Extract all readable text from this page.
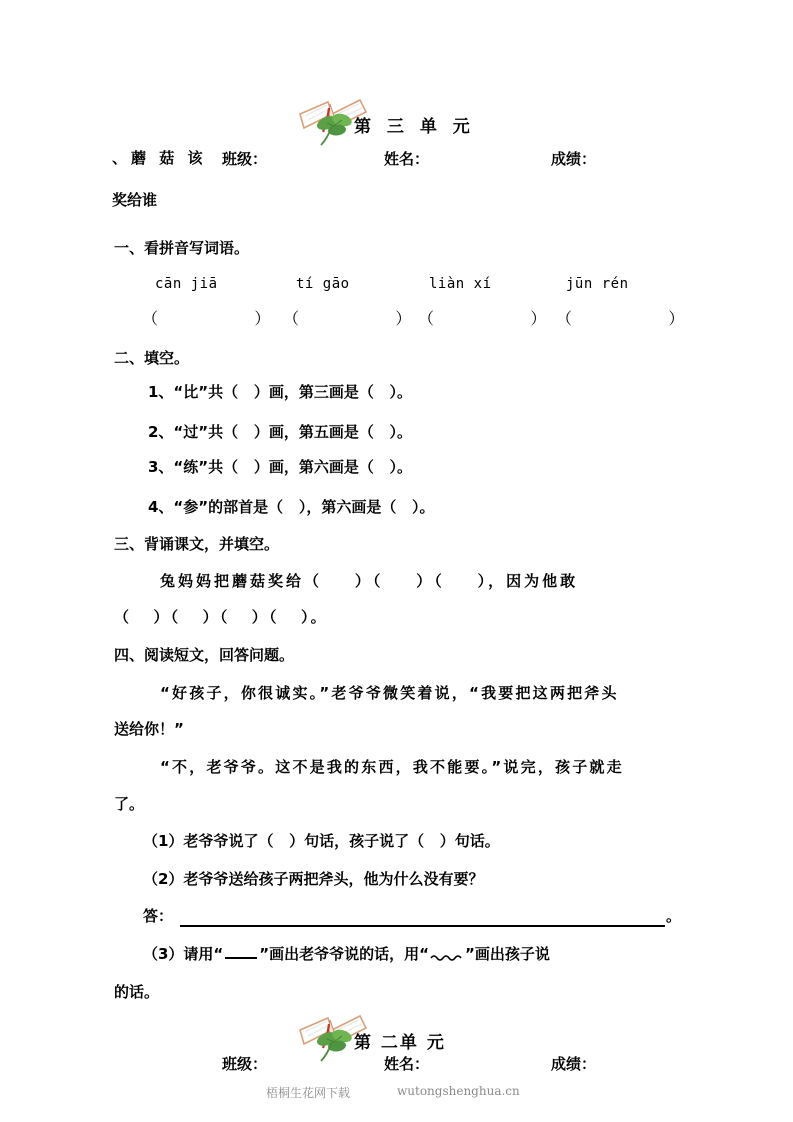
第 三 单 元
、蘑 菇 该
奖给谁
班级：	姓名：	成绩：
一、看拼音写词语。
cān jiā	tí gāo	liàn xí	jūn rén
（          ） （          ） （          ） （          ）
二、填空。
1、“比”共（   ）画，第三画是（   ）。
2、“过”共（   ）画，第五画是（   ）。
3、“练”共（   ）画，第六画是（   ）。
4、“参”的部首是（   ），第六画是（   ）。
三、背诵课文，并填空。
兔妈妈把蘑菇奖给（    ）（    ）（    ），因为他敢
（   ）（   ）（   ）（   ）。
四、阅读短文，回答问题。
“好孩子，你很诚实。”老爷爷微笑着说，“我要把这两把斧头
送给你！”
“不，老爷爷。这不是我的东西，我不能要。”说完，孩子就走
了。
（1）老爷爷说了（   ）句话，孩子说了（   ）句话。
（2）老爷爷送给孩子两把斧头，他为什么没有要？
答：	。
（3）请用“ ”画出老爷爷说的话，用“ ”画出孩子说
的话。
第 二单 元
班级：	姓名：	成绩：
梧桐生花网下载	wutongshenghua.cn
